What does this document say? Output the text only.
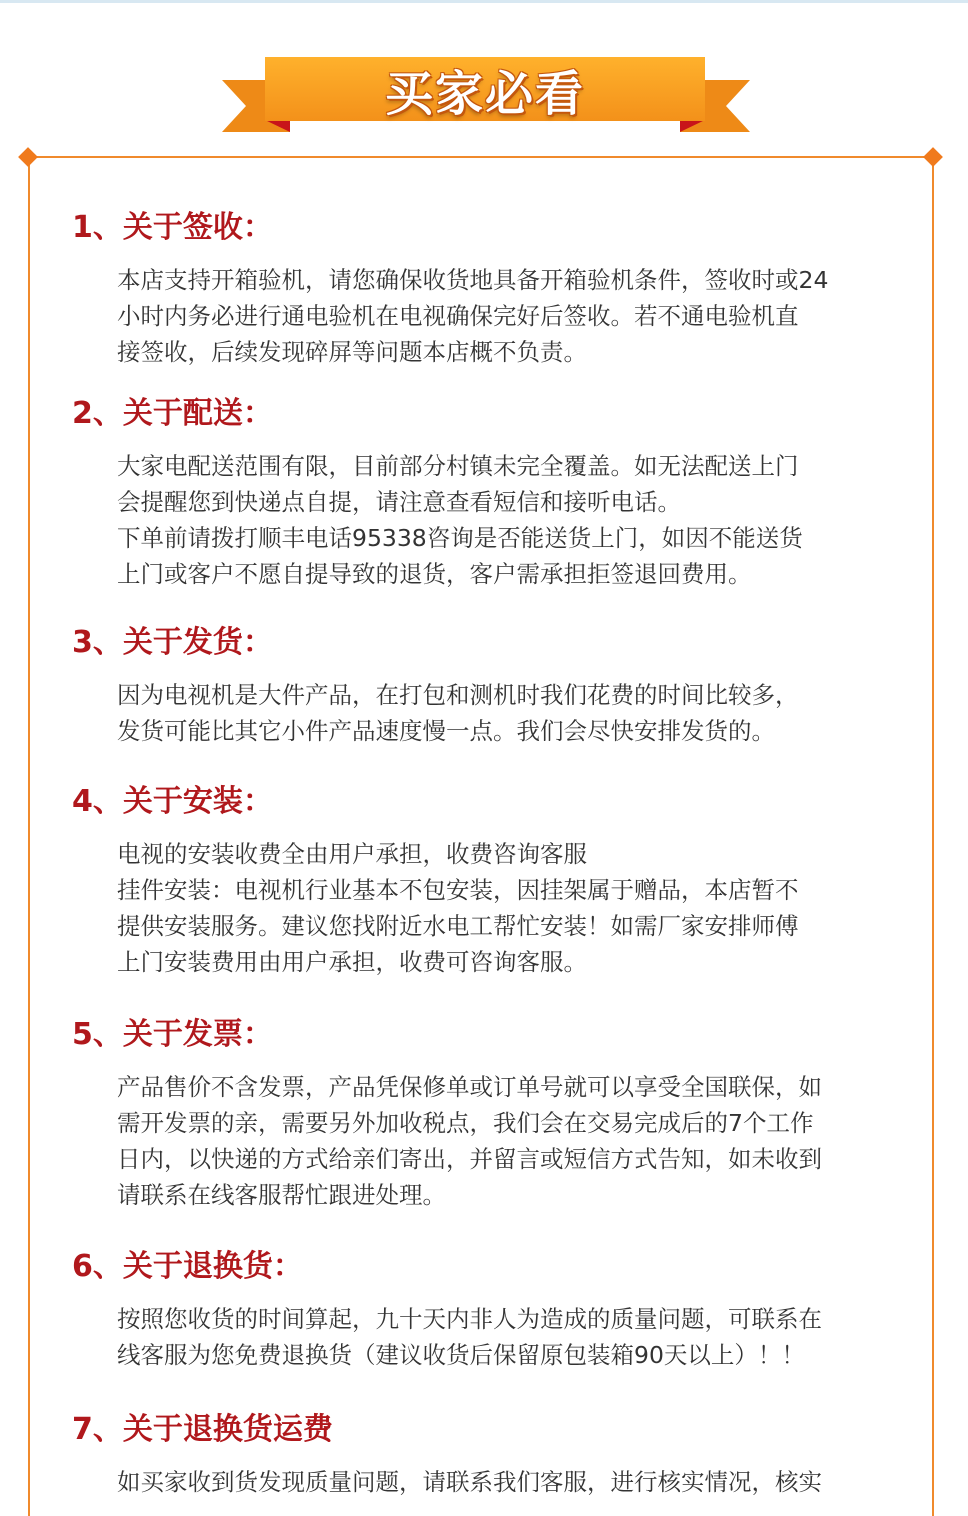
买家必看
1、关于签收：
本店支持开箱验机，请您确保收货地具备开箱验机条件，签收时或24
小时内务必进行通电验机在电视确保完好后签收。若不通电验机直
接签收，后续发现碎屏等问题本店概不负责。
2、关于配送：
大家电配送范围有限，目前部分村镇未完全覆盖。如无法配送上门
会提醒您到快递点自提，请注意查看短信和接听电话。
下单前请拨打顺丰电话95338咨询是否能送货上门，如因不能送货
上门或客户不愿自提导致的退货，客户需承担拒签退回费用。
3、关于发货：
因为电视机是大件产品，在打包和测机时我们花费的时间比较多，
发货可能比其它小件产品速度慢一点。我们会尽快安排发货的。
4、关于安装：
电视的安装收费全由用户承担，收费咨询客服
挂件安装：电视机行业基本不包安装，因挂架属于赠品，本店暂不
提供安装服务。建议您找附近水电工帮忙安装！如需厂家安排师傅
上门安装费用由用户承担，收费可咨询客服。
5、关于发票：
产品售价不含发票，产品凭保修单或订单号就可以享受全国联保，如
需开发票的亲，需要另外加收税点，我们会在交易完成后的7个工作
日内，以快递的方式给亲们寄出，并留言或短信方式告知，如未收到
请联系在线客服帮忙跟进处理。
6、关于退换货：
按照您收货的时间算起，九十天内非人为造成的质量问题，可联系在
线客服为您免费退换货（建议收货后保留原包装箱90天以上）！！
7、关于退换货运费
如买家收到货发现质量问题，请联系我们客服，进行核实情况，核实
